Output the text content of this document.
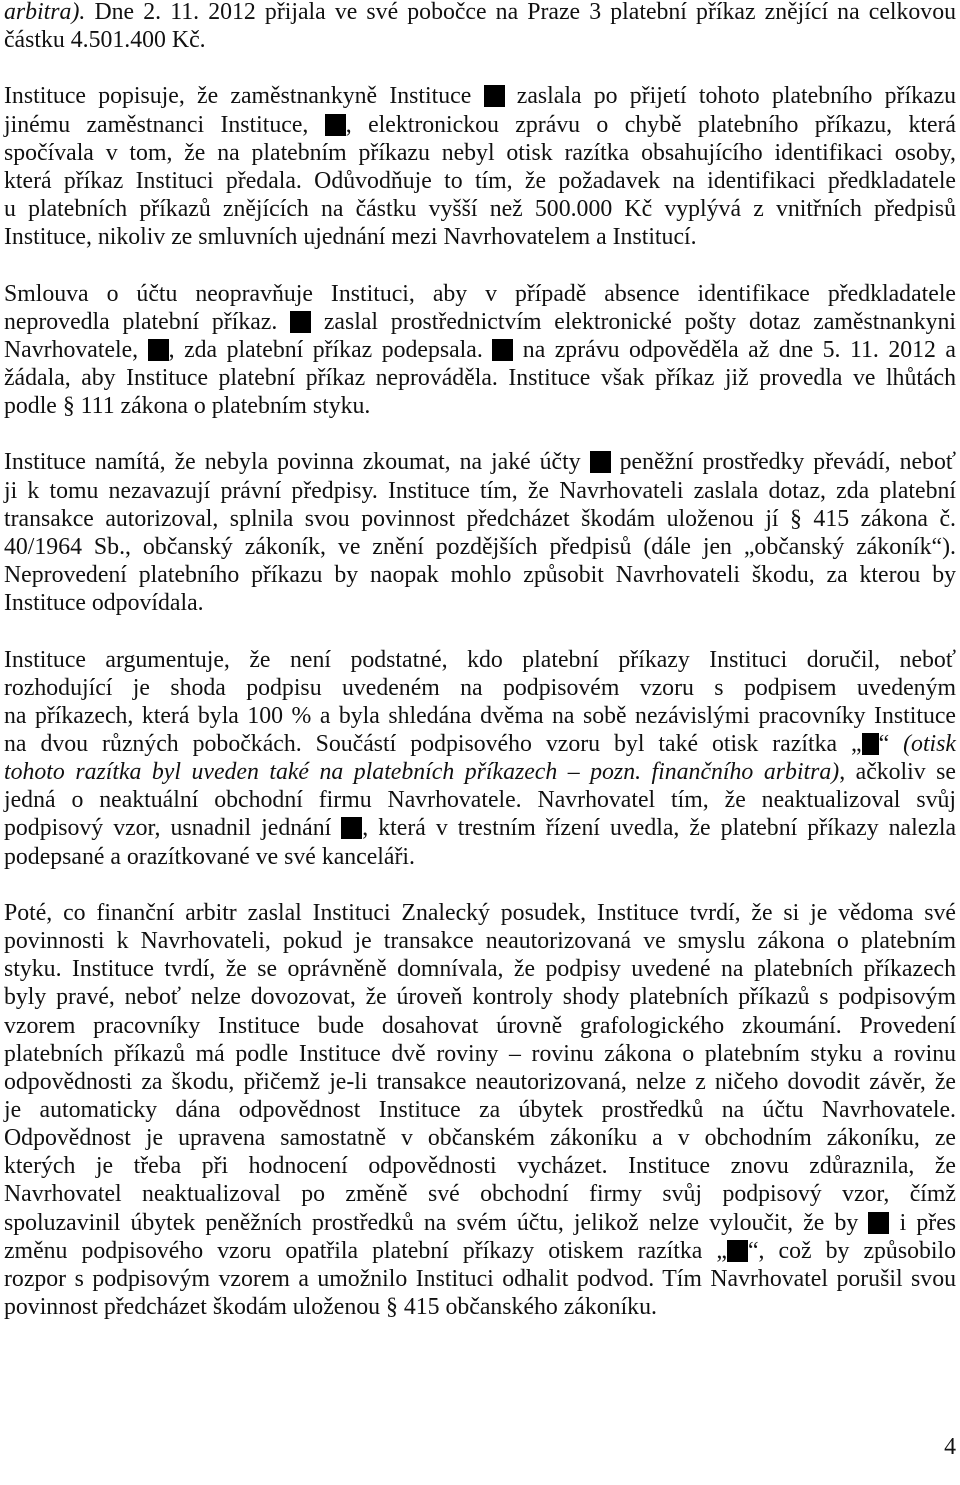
arbitra). Dne 2. 11. 2012 přijala ve své pobočce na Praze 3 platební příkaz znějící na celkovou
částku 4.501.400 Kč.
Instituce popisuje, že zaměstnankyně Instituce  zaslala po přijetí tohoto platebního příkazu
jinému zaměstnanci Instituce, , elektronickou zprávu o chybě platebního příkazu, která
spočívala v tom, že na platebním příkazu nebyl otisk razítka obsahujícího identifikaci osoby,
která příkaz Instituci předala. Odůvodňuje to tím, že požadavek na identifikaci předkladatele
u platebních příkazů znějících na částku vyšší než 500.000 Kč vyplývá z vnitřních předpisů
Instituce, nikoliv ze smluvních ujednání mezi Navrhovatelem a Institucí.
Smlouva o účtu neopravňuje Instituci, aby v případě absence identifikace předkladatele
neprovedla platební příkaz.  zaslal prostřednictvím elektronické pošty dotaz zaměstnankyni
Navrhovatele, , zda platební příkaz podepsala.  na zprávu odpověděla až dne 5. 11. 2012 a
žádala, aby Instituce platební příkaz neprováděla. Instituce však příkaz již provedla ve lhůtách
podle § 111 zákona o platebním styku.
Instituce namítá, že nebyla povinna zkoumat, na jaké účty  peněžní prostředky převádí, neboť
ji k tomu nezavazují právní předpisy. Instituce tím, že Navrhovateli zaslala dotaz, zda platební
transakce autorizoval, splnila svou povinnost předcházet škodám uloženou jí § 415 zákona č.
40/1964 Sb., občanský zákoník, ve znění pozdějších předpisů (dále jen „občanský zákoník“).
Neprovedení platebního příkazu by naopak mohlo způsobit Navrhovateli škodu, za kterou by
Instituce odpovídala.
Instituce argumentuje, že není podstatné, kdo platební příkazy Instituci doručil, neboť
rozhodující je shoda podpisu uvedeném na podpisovém vzoru s podpisem uvedeným
na příkazech, která byla 100 % a byla shledána dvěma na sobě nezávislými pracovníky Instituce
na dvou různých pobočkách. Součástí podpisového vzoru byl také otisk razítka „ “ (otisk
tohoto razítka byl uveden také na platebních příkazech – pozn. finančního arbitra), ačkoliv se
jedná o neaktuální obchodní firmu Navrhovatele. Navrhovatel tím, že neaktualizoval svůj
podpisový vzor, usnadnil jednání , která v trestním řízení uvedla, že platební příkazy nalezla
podepsané a orazítkované ve své kanceláři.
Poté, co finanční arbitr zaslal Instituci Znalecký posudek, Instituce tvrdí, že si je vědoma své
povinnosti k Navrhovateli, pokud je transakce neautorizovaná ve smyslu zákona o platebním
styku. Instituce tvrdí, že se oprávněně domnívala, že podpisy uvedené na platebních příkazech
byly pravé, neboť nelze dovozovat, že úroveň kontroly shody platebních příkazů s podpisovým
vzorem pracovníky Instituce bude dosahovat úrovně grafologického zkoumání. Provedení
platebních příkazů má podle Instituce dvě roviny – rovinu zákona o platebním styku a rovinu
odpovědnosti za škodu, přičemž je-li transakce neautorizovaná, nelze z ničeho dovodit závěr, že
je automaticky dána odpovědnost Instituce za úbytek prostředků na účtu Navrhovatele.
Odpovědnost je upravena samostatně v občanském zákoníku a v obchodním zákoníku, ze
kterých je třeba při hodnocení odpovědnosti vycházet. Instituce znovu zdůraznila, že
Navrhovatel neaktualizoval po změně své obchodní firmy svůj podpisový vzor, čímž
spoluzavinil úbytek peněžních prostředků na svém účtu, jelikož nelze vyloučit, že by  i přes
změnu podpisového vzoru opatřila platební příkazy otiskem razítka „ “, což by způsobilo
rozpor s podpisovým vzorem a umožnilo Instituci odhalit podvod. Tím Navrhovatel porušil svou
povinnost předcházet škodám uloženou § 415 občanského zákoníku.
4
